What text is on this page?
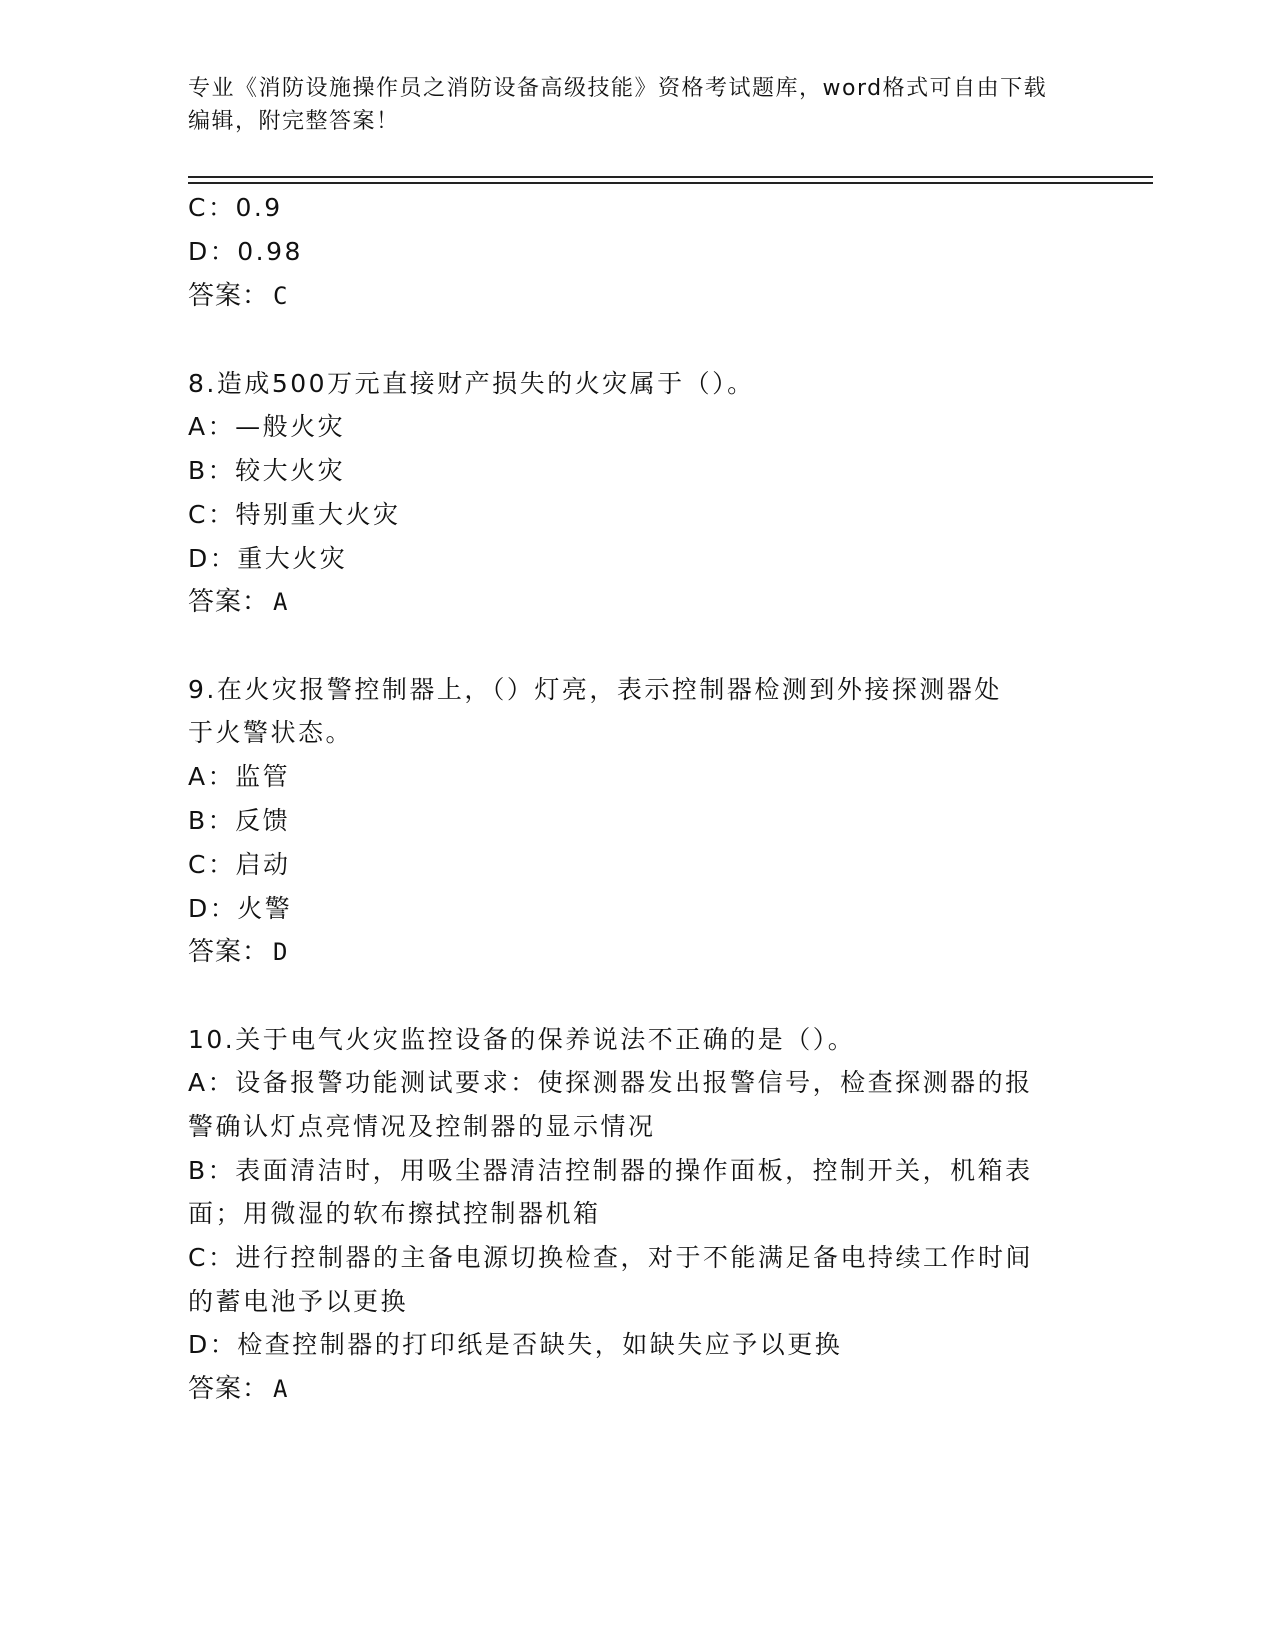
专业《消防设施操作员之消防设备高级技能》资格考试题库，word格式可自由下载编辑，附完整答案！
C：0.9
D：0.98
答案： C
8.造成500万元直接财产损失的火灾属于（）。
A：—般火灾
B：较大火灾
C：特别重大火灾
D：重大火灾
答案： A
9.在火灾报警控制器上，（）灯亮，表示控制器检测到外接探测器处
于火警状态。
A：监管
B：反馈
C：启动
D：火警
答案： D
10.关于电气火灾监控设备的保养说法不正确的是（）。
A：设备报警功能测试要求：使探测器发出报警信号，检查探测器的报
警确认灯点亮情况及控制器的显示情况
B：表面清洁时，用吸尘器清洁控制器的操作面板，控制开关，机箱表
面；用微湿的软布擦拭控制器机箱
C：进行控制器的主备电源切换检查，对于不能满足备电持续工作时间
的蓄电池予以更换
D：检查控制器的打印纸是否缺失，如缺失应予以更换
答案： A
